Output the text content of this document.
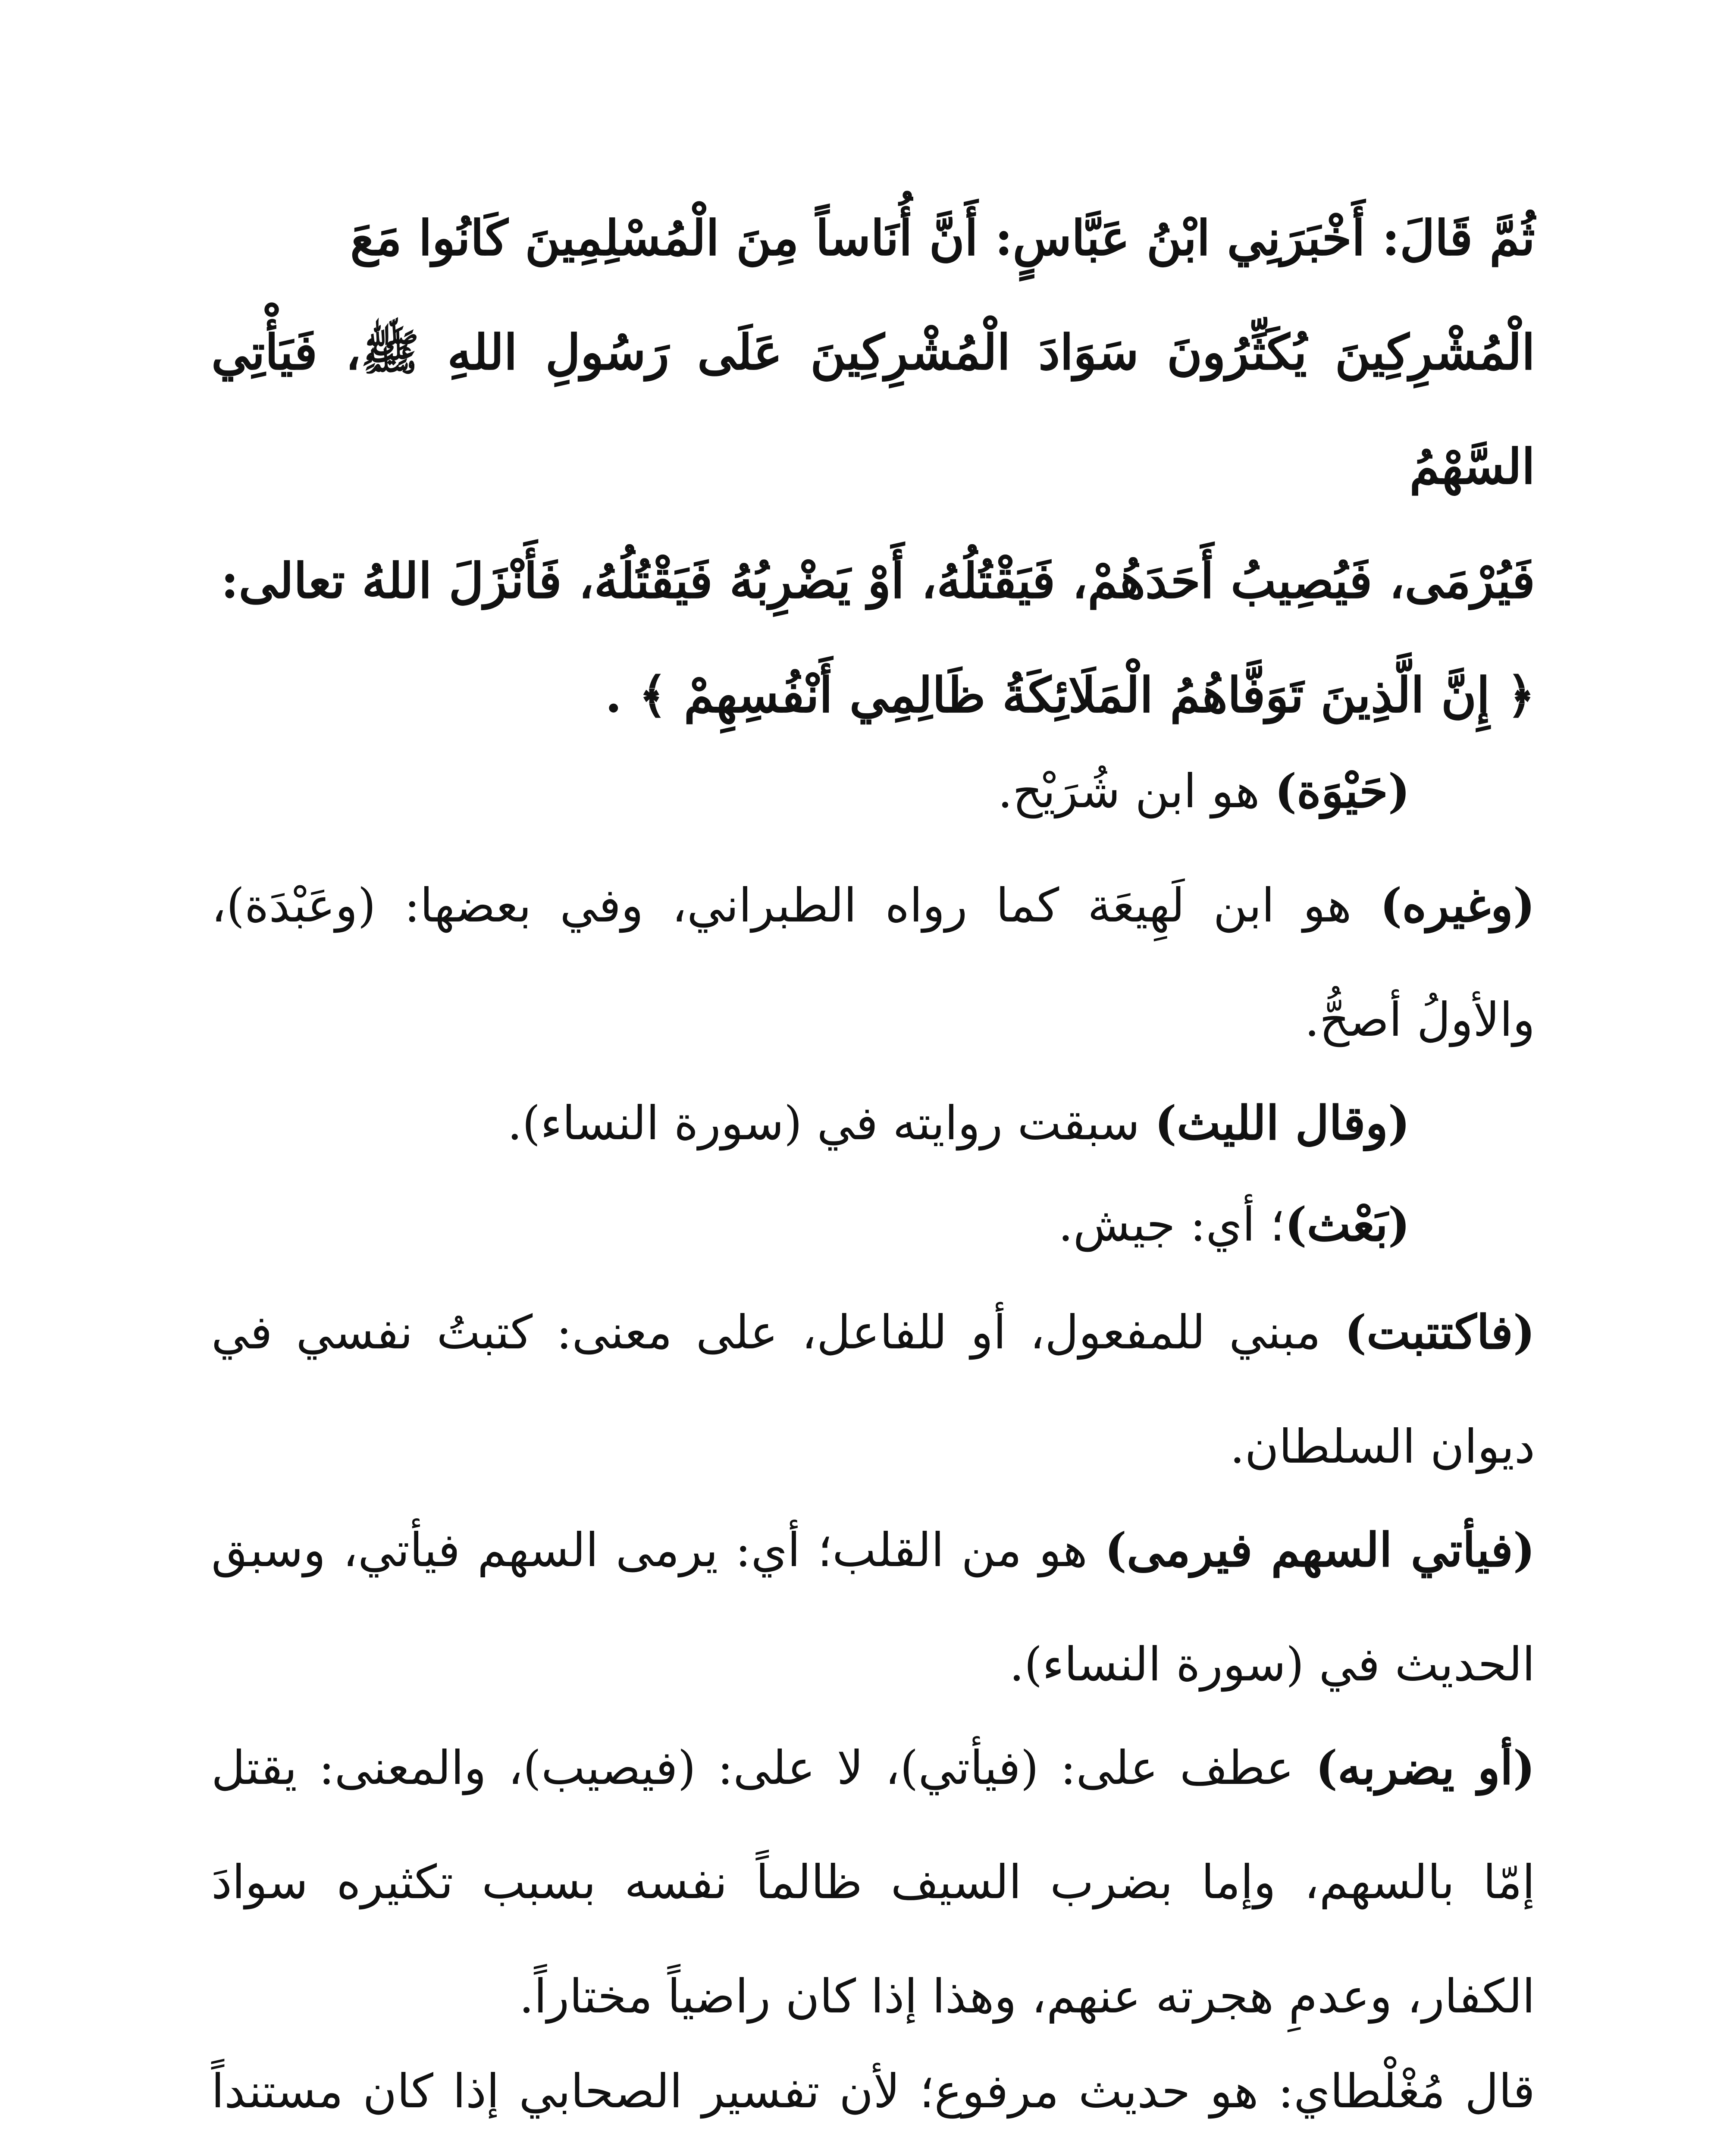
ثُمَّ قَالَ: أَخْبَرَنِي ابْنُ عَبَّاسٍ: أَنَّ أُنَاساً مِنَ الْمُسْلِمِينَ كَانُوا مَعَ
الْمُشْرِكِينَ يُكَثِّرُونَ سَوَادَ الْمُشْرِكِينَ عَلَى رَسُولِ اللهِ ﷺ، فَيَأْتِي السَّهْمُ
فَيُرْمَى، فَيُصِيبُ أَحَدَهُمْ، فَيَقْتُلُهُ، أَوْ يَضْرِبُهُ فَيَقْتُلُهُ، فَأَنْزَلَ اللهُ تعالى:
﴿ إِنَّ الَّذِينَ تَوَفَّاهُمُ الْمَلَائِكَةُ ظَالِمِي أَنْفُسِهِمْ ﴾ .

(حَيْوَة) هو ابن شُرَيْح.

(وغيره) هو ابن لَهِيعَة كما رواه الطبراني، وفي بعضها: (وعَبْدَة)، والأولُ أصحُّ.

(وقال الليث) سبقت روايته في (سورة النساء).

(بَعْث)؛ أي: جيش.

(فاكتتبت) مبني للمفعول، أو للفاعل، على معنى: كتبتُ نفسي في ديوان السلطان.

(فيأتي السهم فيرمى) هو من القلب؛ أي: يرمى السهم فيأتي، وسبق الحديث في (سورة النساء).

(أو يضربه) عطف على: (فيأتي)، لا على: (فيصيب)، والمعنى: يقتل إمّا بالسهم، وإما بضرب السيف ظالماً نفسه بسبب تكثيره سوادَ الكفار، وعدمِ هجرته عنهم، وهذا إذا كان راضياً مختاراً.

قال مُغْلْطاي: هو حديث مرفوع؛ لأن تفسير الصحابي إذا كان مستنداً
